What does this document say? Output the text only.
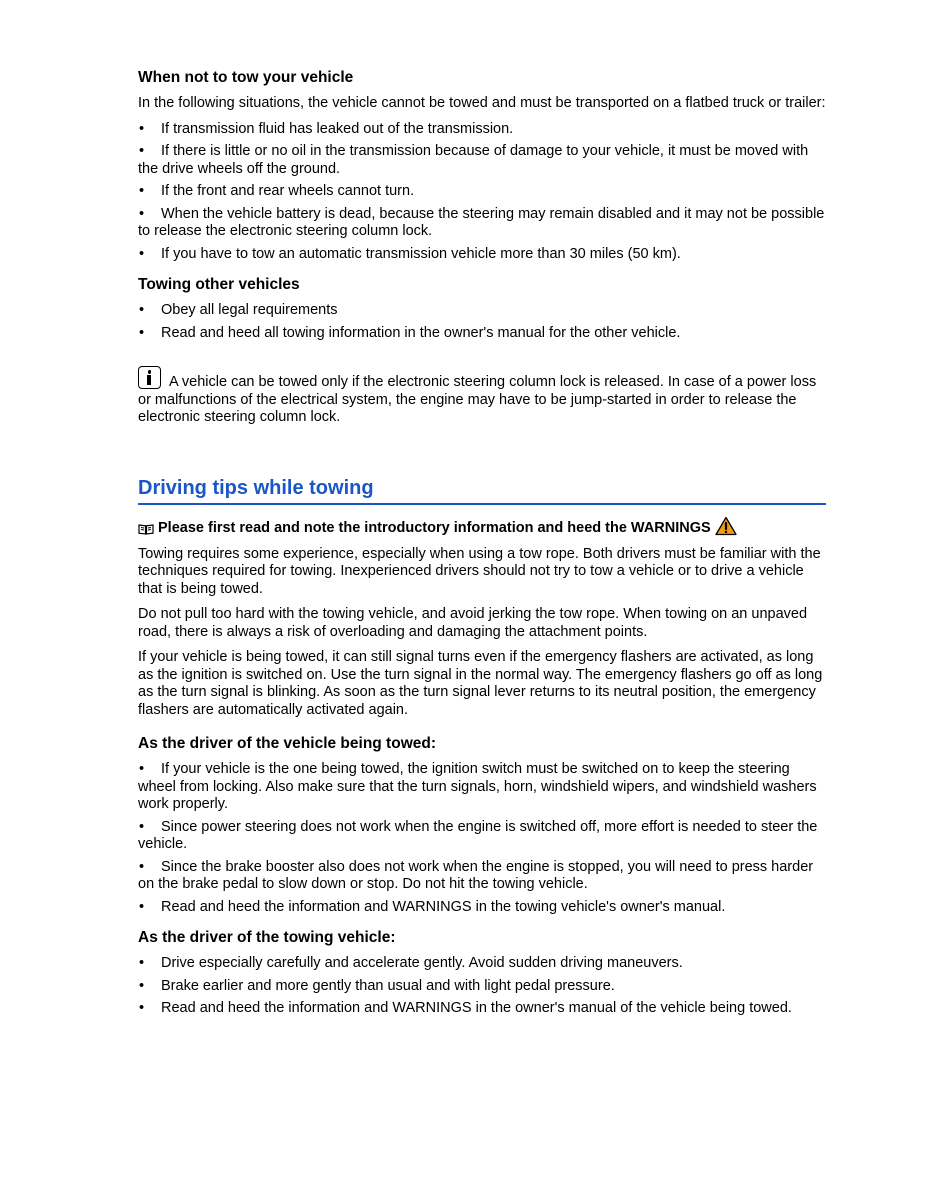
When not to tow your vehicle

In the following situations, the vehicle cannot be towed and must be transported on a flatbed truck or trailer:

•If transmission fluid has leaked out of the transmission.
•If there is little or no oil in the transmission because of damage to your vehicle, it must be moved with the drive wheels off the ground.
•If the front and rear wheels cannot turn.
•When the vehicle battery is dead, because the steering may remain disabled and it may not be possible to release the electronic steering column lock.
•If you have to tow an automatic transmission vehicle more than 30 miles (50 km).
Towing other vehicles
•Obey all legal requirements
•Read and heed all towing information in the owner's manual for the other vehicle.
A vehicle can be towed only if the electronic steering column lock is released. In case of a power loss or malfunctions of the electrical system, the engine may have to be jump-started in order to release the electronic steering column lock.
Driving tips while towing
Please first read and note the introductory information and heed the WARNINGS

Towing requires some experience, especially when using a tow rope. Both drivers must be familiar with the techniques required for towing. Inexperienced drivers should not try to tow a vehicle or to drive a vehicle that is being towed.

Do not pull too hard with the towing vehicle, and avoid jerking the tow rope. When towing on an unpaved road, there is always a risk of overloading and damaging the attachment points.

If your vehicle is being towed, it can still signal turns even if the emergency flashers are activated, as long as the ignition is switched on. Use the turn signal in the normal way. The emergency flashers go off as long as the turn signal is blinking. As soon as the turn signal lever returns to its neutral position, the emergency flashers are automatically activated again.

As the driver of the vehicle being towed:
•If your vehicle is the one being towed, the ignition switch must be switched on to keep the steering wheel from locking. Also make sure that the turn signals, horn, windshield wipers, and windshield washers work properly.
•Since power steering does not work when the engine is switched off, more effort is needed to steer the vehicle.
•Since the brake booster also does not work when the engine is stopped, you will need to press harder on the brake pedal to slow down or stop. Do not hit the towing vehicle.
•Read and heed the information and WARNINGS in the towing vehicle's owner's manual.
As the driver of the towing vehicle:
•Drive especially carefully and accelerate gently. Avoid sudden driving maneuvers.
•Brake earlier and more gently than usual and with light pedal pressure.
•Read and heed the information and WARNINGS in the owner's manual of the vehicle being towed.
